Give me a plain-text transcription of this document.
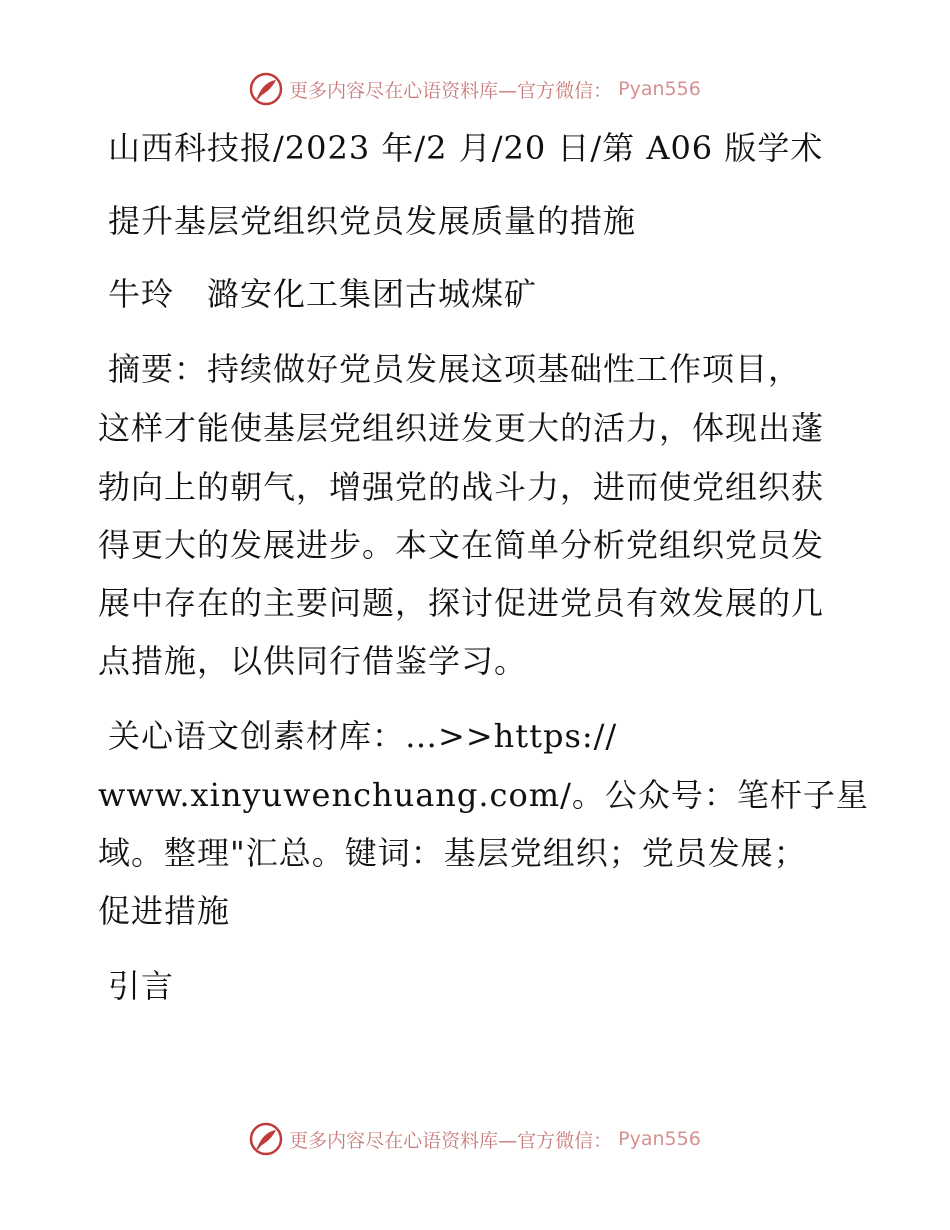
更多内容尽在心语资料库—官方微信： Pyan556
山西科技报/2023 年/2 月/20 日/第 A06 版学术
提升基层党组织党员发展质量的措施
牛玲　潞安化工集团古城煤矿
摘要：持续做好党员发展这项基础性工作项目，
这样才能使基层党组织迸发更大的活力，体现出蓬
勃向上的朝气，增强党的战斗力，进而使党组织获
得更大的发展进步。本文在简单分析党组织党员发
展中存在的主要问题，探讨促进党员有效发展的几
点措施，以供同行借鉴学习。
关心语文创素材库：…>>https://
www.xinyuwenchuang.com/。公众号：笔杆子星
域。整理"汇总。键词：基层党组织；党员发展；
促进措施
引言
更多内容尽在心语资料库—官方微信： Pyan556
